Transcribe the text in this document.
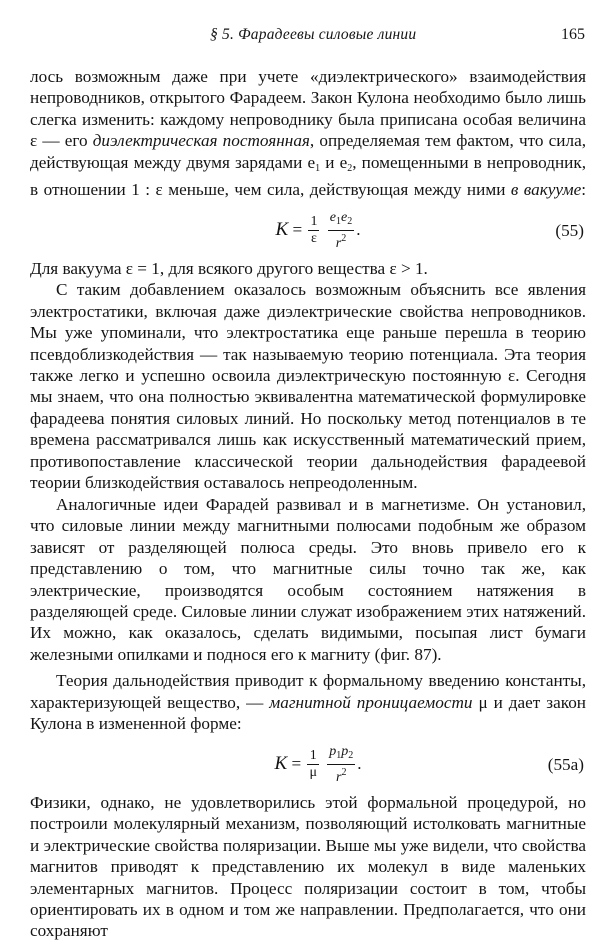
§ 5. Фарадеевы силовые линии	165

лось возможным даже при учете «диэлектрического» взаимодействия непроводников, открытого Фарадеем. Закон Кулона необходимо было лишь слегка изменить: каждому непроводнику была приписана особая величина ε — его диэлектрическая постоянная, определяемая тем фактом, что сила, действующая между двумя зарядами $e_1$ и $e_2$, помещенными в непроводник, в отношении 1 : ε меньше, чем сила, действующая между ними в вакууме:

$K = \frac{1}{\varepsilon}$
$\frac{e_1e_2}{r^2}$ .	(55)

Для вакуума ε = 1, для всякого другого вещества ε > 1.

С таким добавлением оказалось возможным объяснить все явления электростатики, включая даже диэлектрические свойства непроводников. Мы уже упоминали, что электростатика еще раньше перешла в теорию псевдоблизкодействия — так называемую теорию потенциала. Эта теория также легко и успешно освоила диэлектрическую постоянную ε. Сегодня мы знаем, что она полностью эквивалентна математической формулировке фарадеева понятия силовых линий. Но поскольку метод потенциалов в те времена рассматривался лишь как искусственный математический прием, противопоставление классической теории дальнодействия фарадеевой теории близкодействия оставалось непреодоленным.

Аналогичные идеи Фарадей развивал и в магнетизме. Он установил, что силовые линии между магнитными полюсами подобным же образом зависят от разделяющей полюса среды. Это вновь привело его к представлению о том, что магнитные силы точно так же, как электрические, производятся особым состоянием натяжения в разделяющей среде. Силовые линии служат изображением этих натяжений. Их можно, как оказалось, сделать видимыми, посыпая лист бумаги железными опилками и поднося его к магниту (фиг. 87).

Теория дальнодействия приводит к формальному введению константы, характеризующей вещество, — магнитной проницаемости μ и дает закон Кулона в измененной форме:

$K = \frac{1}{\mu}$
$\frac{p_1p_2}{r^2}$ .	(55a)

Физики, однако, не удовлетворились этой формальной процедурой, но построили молекулярный механизм, позволяющий истолковать магнитные и электрические свойства поляризации. Выше мы уже видели, что свойства магнитов приводят к представлению их молекул в виде маленьких элементарных магнитов. Процесс поляризации состоит в том, чтобы ориентировать их в одном и том же направлении. Предполагается, что они сохраняют
